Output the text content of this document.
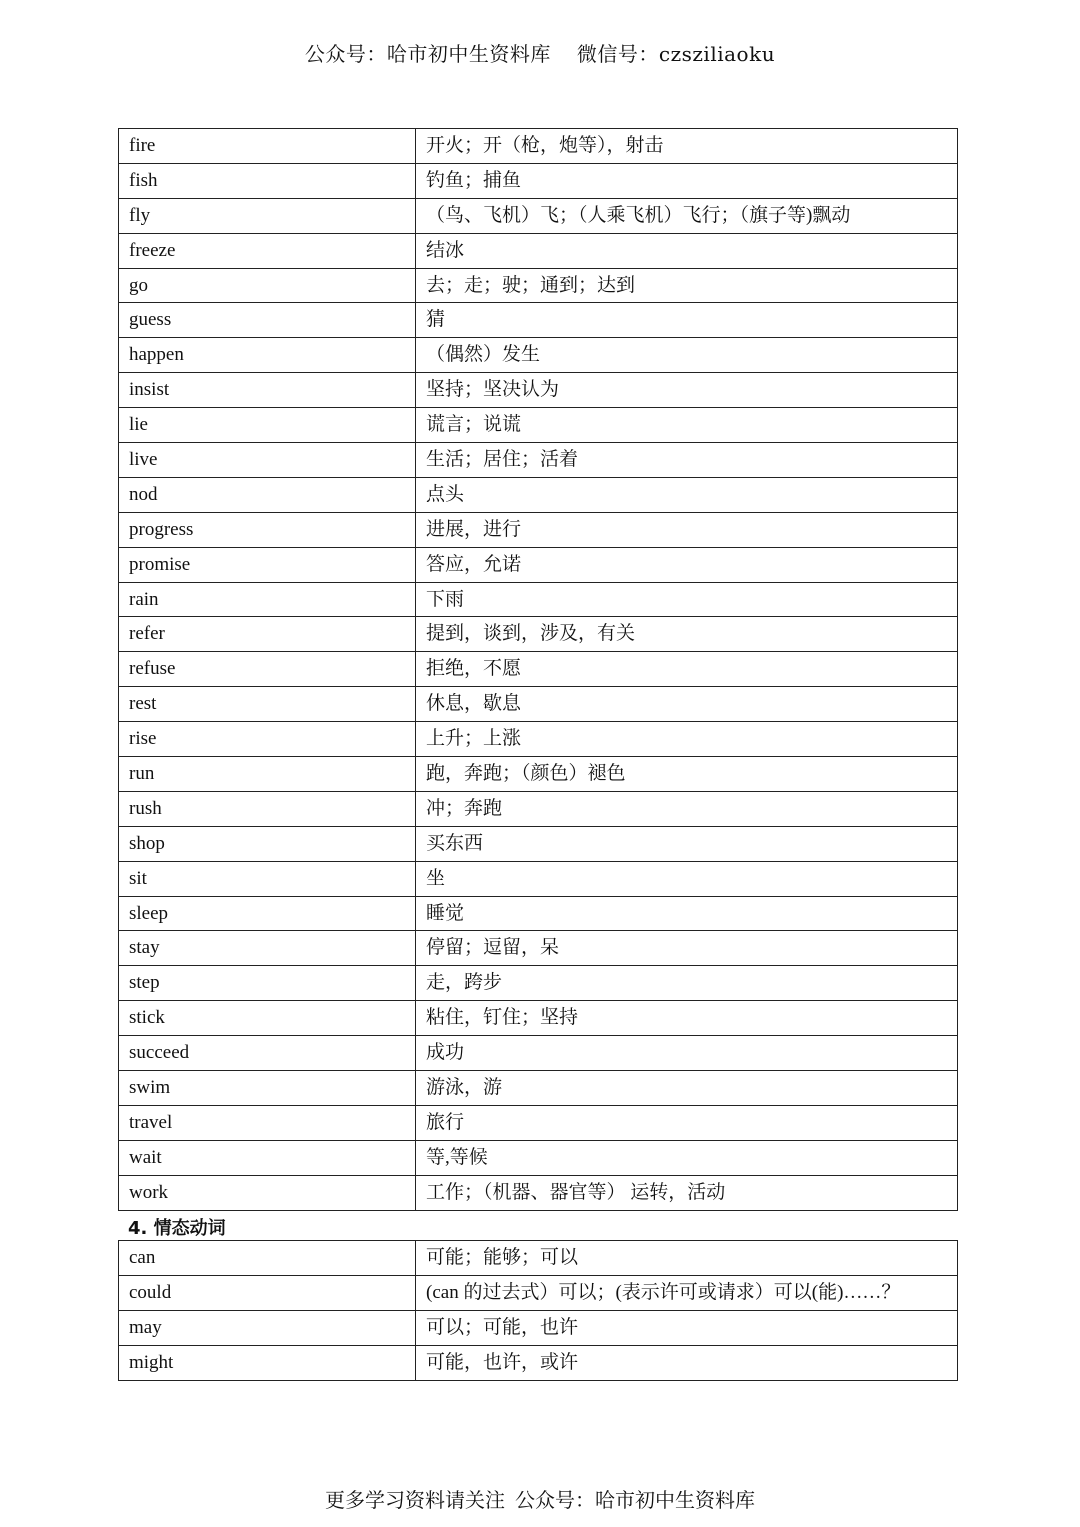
公众号：哈市初中生资料库 微信号：czsziliaoku
fire	开火；开（枪，炮等），射击
fish	钓鱼；捕鱼
fly	（鸟、飞机）飞；（人乘飞机）飞行；（旗子等)飘动
freeze	结冰
go	去；走；驶；通到；达到
guess	猜
happen	（偶然）发生
insist	坚持；坚决认为
lie	谎言；说谎
live	生活；居住；活着
nod	点头
progress	进展，进行
promise	答应，允诺
rain	下雨
refer	提到，谈到，涉及，有关
refuse	拒绝，不愿
rest	休息，歇息
rise	上升；上涨
run	跑，奔跑；（颜色）褪色
rush	冲；奔跑
shop	买东西
sit	坐
sleep	睡觉
stay	停留；逗留，呆
step	走，跨步
stick	粘住，钉住；坚持
succeed	成功
swim	游泳，游
travel	旅行
wait	等,等候
work	工作；（机器、器官等） 运转，活动
4. 情态动词
can	可能；能够；可以
could	(can 的过去式）可以；(表示许可或请求）可以(能)……？
may	可以；可能，也许
might	可能，也许，或许
更多学习资料请关注 公众号：哈市初中生资料库
